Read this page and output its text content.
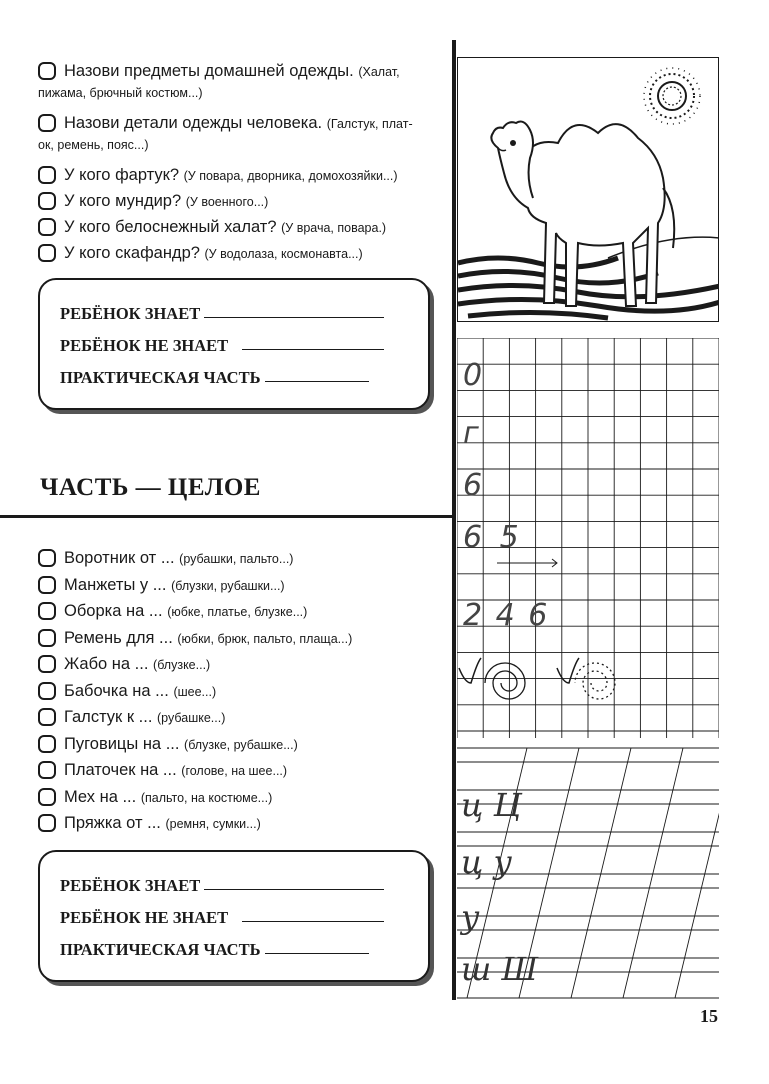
Назови предметы домашней одежды. (Халат,
пижама, брючный костюм...)
Назови детали одежды человека. (Галстук, плат-
ок, ремень, пояс...)
У кого фартук? (У повара, дворника, домохозяйки...)
У кого мундир? (У военного...)
У кого белоснежный халат? (У врача, повара.)
У кого скафандр? (У водолаза, космонавта...)
РЕБЁНОК ЗНАЕТ
РЕБЁНОК НЕ ЗНАЕТ
ПРАКТИЧЕСКАЯ ЧАСТЬ
ЧАСТЬ — ЦЕЛОЕ
Воротник от ... (рубашки, пальто...)
Манжеты у ... (блузки, рубашки...)
Оборка на ... (юбке, платье, блузке...)
Ремень для ... (юбки, брюк, пальто, плаща...)
Жабо на ... (блузке...)
Бабочка на ... (шее...)
Галстук к ... (рубашке...)
Пуговицы на ... (блузке, рубашке...)
Платочек на ... (голове, на шее...)
Мех на ... (пальто, на костюме...)
Пряжка от ... (ремня, сумки...)
РЕБЁНОК ЗНАЕТ
РЕБЁНОК НЕ ЗНАЕТ
ПРАКТИЧЕСКАЯ ЧАСТЬ
0
г
6
6 5
2 4 6
ц Ц
ц у
у
ш Ш
15
